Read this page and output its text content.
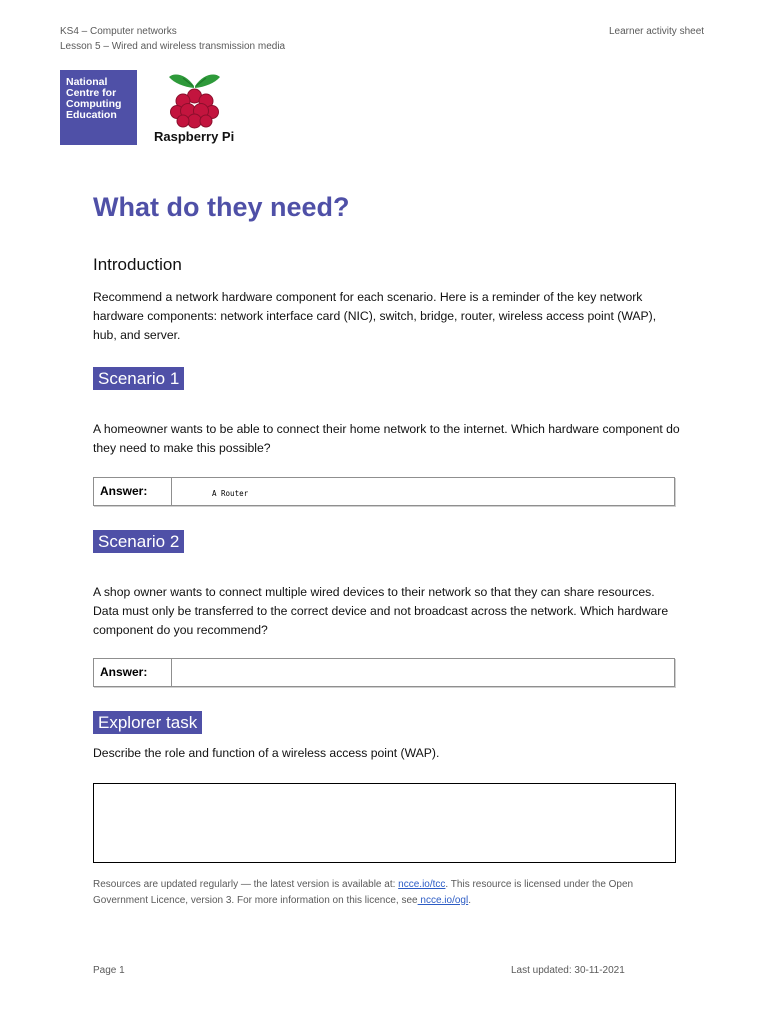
KS4 – Computer networks
Lesson 5 – Wired and wireless transmission media
Learner activity sheet
National
Centre for
Computing
Education
Raspberry Pi
What do they need?
Introduction
Recommend a network hardware component for each scenario. Here is a reminder of the key network hardware components: network interface card (NIC), switch, bridge, router, wireless access point (WAP), hub, and server.
Scenario 1
A homeowner wants to be able to connect their home network to the internet. Which hardware component do they need to make this possible?
Answer:	A Router
Scenario 2
A shop owner wants to connect multiple wired devices to their network so that they can share resources. Data must only be transferred to the correct device and not broadcast across the network. Which hardware component do you recommend?
Answer:
Explorer task
Describe the role and function of a wireless access point (WAP).
Resources are updated regularly — the latest version is available at: ncce.io/tcc. This resource is licensed under the Open Government Licence, version 3. For more information on this licence, see ncce.io/ogl.
Page 1	Last updated: 30-11-2021
